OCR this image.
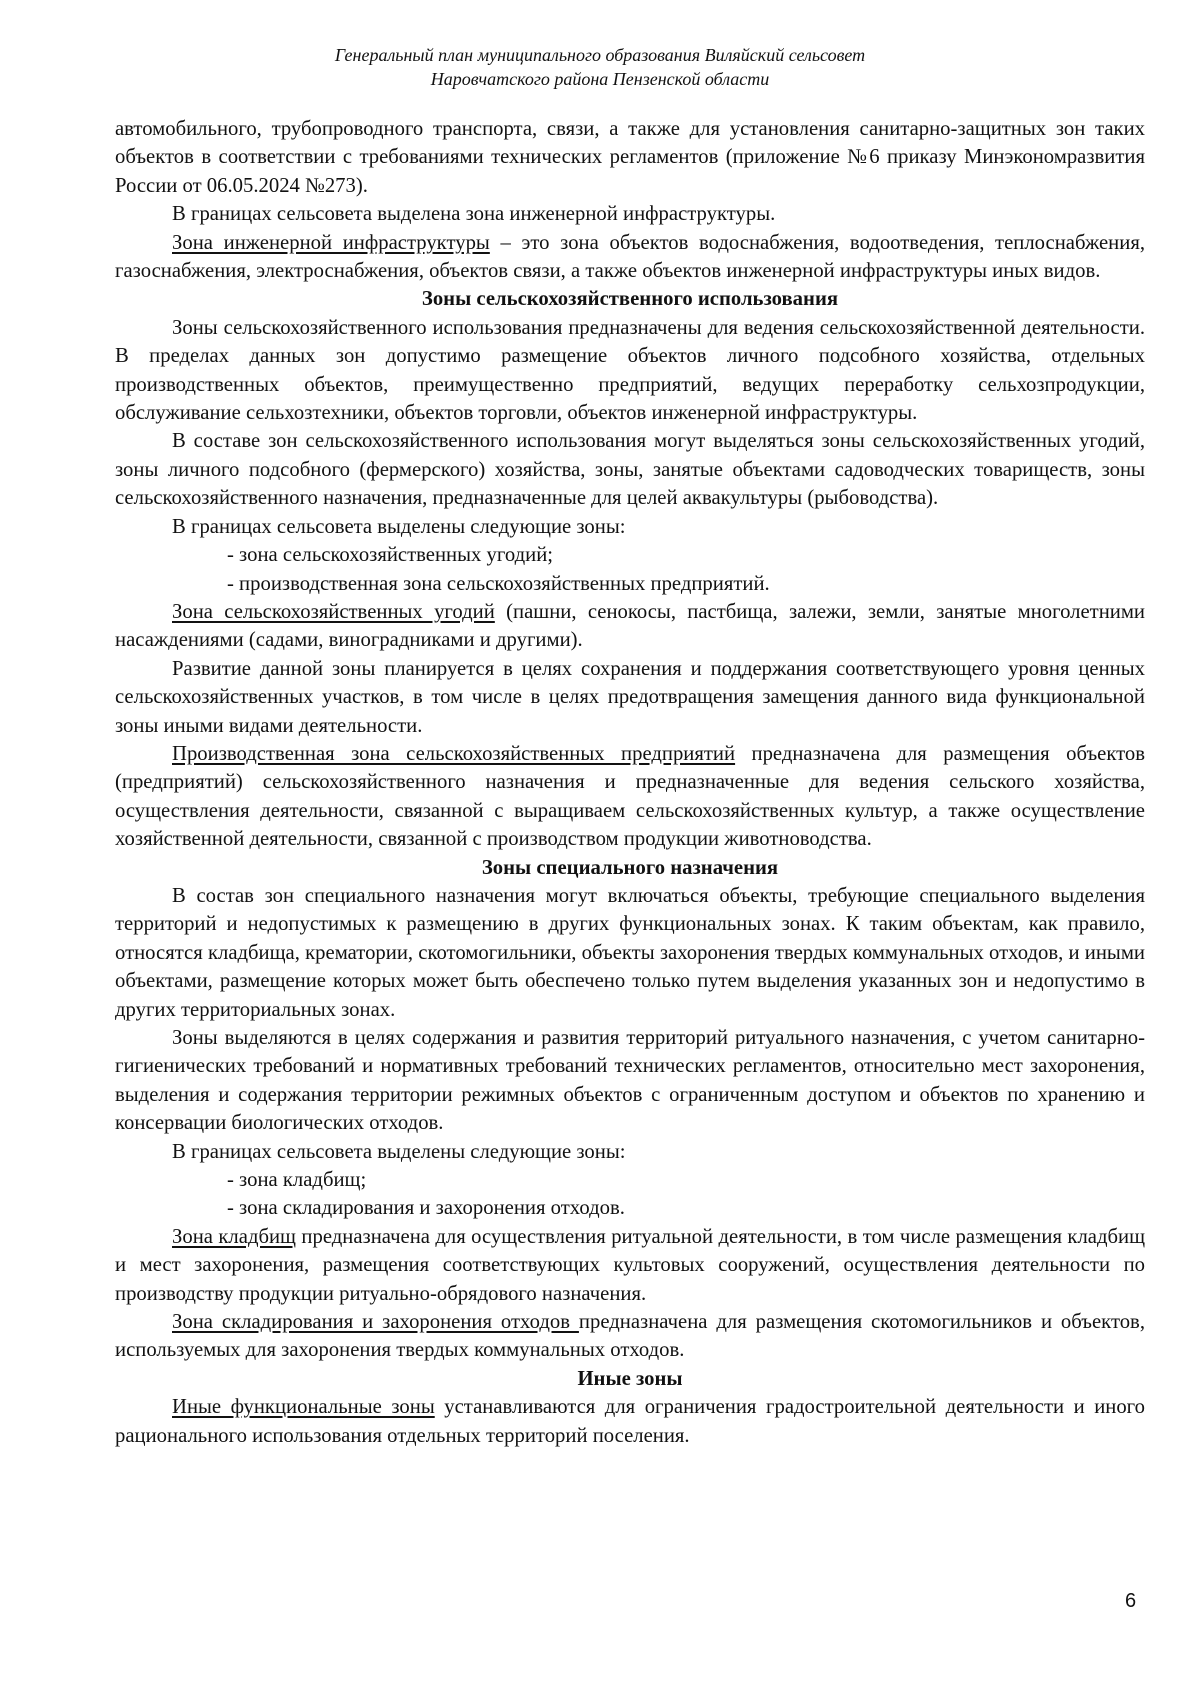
Генеральный план муниципального образования Виляйский сельсовет
Наровчатского района Пензенской области

автомобильного, трубопроводного транспорта, связи, а также для установления санитарно-защитных зон таких объектов в соответствии с требованиями технических регламентов (приложение №6 приказу Минэкономразвития России от 06.05.2024 №273).

В границах сельсовета выделена зона инженерной инфраструктуры.

Зона инженерной инфраструктуры – это зона объектов водоснабжения, водоотведения, теплоснабжения, газоснабжения, электроснабжения, объектов связи, а также объектов инженерной инфраструктуры иных видов.

Зоны сельскохозяйственного использования

Зоны сельскохозяйственного использования предназначены для ведения сельскохозяйственной деятельности. В пределах данных зон допустимо размещение объектов личного подсобного хозяйства, отдельных производственных объектов, преимущественно предприятий, ведущих переработку сельхозпродукции, обслуживание сельхозтехники, объектов торговли, объектов инженерной инфраструктуры.

В составе зон сельскохозяйственного использования могут выделяться зоны сельскохозяйственных угодий, зоны личного подсобного (фермерского) хозяйства, зоны, занятые объектами садоводческих товариществ, зоны сельскохозяйственного назначения, предназначенные для целей аквакультуры (рыбоводства).

В границах сельсовета выделены следующие зоны:

- зона сельскохозяйственных угодий;

- производственная зона сельскохозяйственных предприятий.

Зона сельскохозяйственных угодий (пашни, сенокосы, пастбища, залежи, земли, занятые многолетними насаждениями (садами, виноградниками и другими).

Развитие данной зоны планируется в целях сохранения и поддержания соответствующего уровня ценных сельскохозяйственных участков, в том числе в целях предотвращения замещения данного вида функциональной зоны иными видами деятельности.

Производственная зона сельскохозяйственных предприятий предназначена для размещения объектов (предприятий) сельскохозяйственного назначения и предназначенные для ведения сельского хозяйства, осуществления деятельности, связанной с выращиваем сельскохозяйственных культур, а также осуществление хозяйственной деятельности, связанной с производством продукции животноводства.

Зоны специального назначения

В состав зон специального назначения могут включаться объекты, требующие специального выделения территорий и недопустимых к размещению в других функциональных зонах. К таким объектам, как правило, относятся кладбища, крематории, скотомогильники, объекты захоронения твердых коммунальных отходов, и иными объектами, размещение которых может быть обеспечено только путем выделения указанных зон и недопустимо в других территориальных зонах.

Зоны выделяются в целях содержания и развития территорий ритуального назначения, с учетом санитарно-гигиенических требований и нормативных требований технических регламентов, относительно мест захоронения, выделения и содержания территории режимных объектов с ограниченным доступом и объектов по хранению и консервации биологических отходов.

В границах сельсовета выделены следующие зоны:

- зона кладбищ;

- зона складирования и захоронения отходов.

Зона кладбищ предназначена для осуществления ритуальной деятельности, в том числе размещения кладбищ и мест захоронения, размещения соответствующих культовых сооружений, осуществления деятельности по производству продукции ритуально-обрядового назначения.

Зона складирования и захоронения отходов предназначена для размещения скотомогильников и объектов, используемых для захоронения твердых коммунальных отходов.

Иные зоны

Иные функциональные зоны устанавливаются для ограничения градостроительной деятельности и иного рационального использования отдельных территорий поселения.

6
